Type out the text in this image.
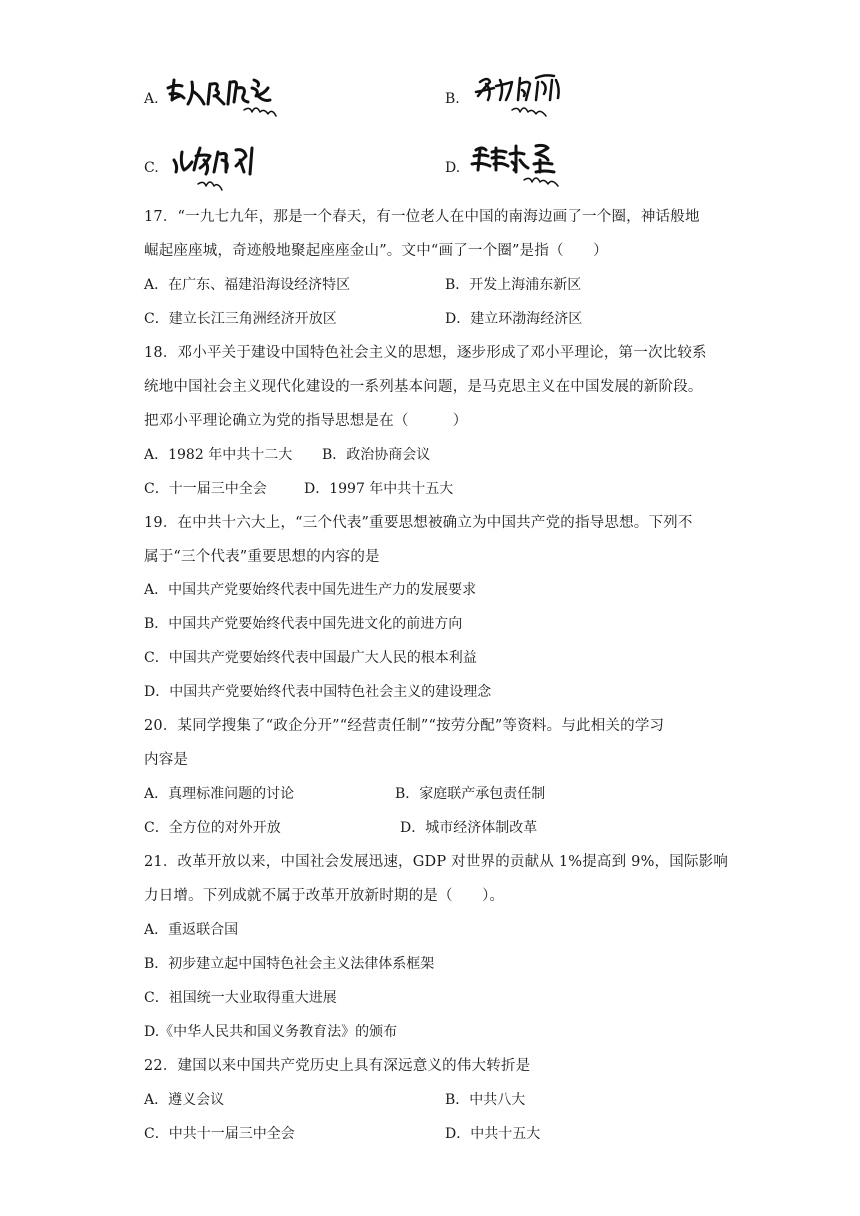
A.	B.
C.	D.
17．“一九七九年，那是一个春天，有一位老人在中国的南海边画了一个圈，神话般地
崛起座座城，奇迹般地聚起座座金山”。文中“画了一个圈”是指（　　）
A．在广东、福建沿海设经济特区	B．开发上海浦东新区
C．建立长江三角洲经济开放区	D．建立环渤海经济区
18．邓小平关于建设中国特色社会主义的思想，逐步形成了邓小平理论，第一次比较系
统地中国社会主义现代化建设的一系列基本问题，是马克思主义在中国发展的新阶段。
把邓小平理论确立为党的指导思想是在（　　　）
A．1982 年中共十二大 B．政治协商会议
C．十一届三中全会	D．1997 年中共十五大
19．在中共十六大上，“三个代表”重要思想被确立为中国共产党的指导思想。下列不
属于“三个代表”重要思想的内容的是
A．中国共产党要始终代表中国先进生产力的发展要求
B．中国共产党要始终代表中国先进文化的前进方向
C．中国共产党要始终代表中国最广大人民的根本利益
D．中国共产党要始终代表中国特色社会主义的建设理念
20．某同学搜集了“政企分开”“经营责任制”“按劳分配”等资料。与此相关的学习
内容是
A．真理标准问题的讨论	B．家庭联产承包责任制
C．全方位的对外开放	D．城市经济体制改革
21．改革开放以来，中国社会发展迅速，GDP 对世界的贡献从 1%提高到 9%，国际影响
力日增。下列成就不属于改革开放新时期的是（　　）。
A．重返联合国
B．初步建立起中国特色社会主义法律体系框架
C．祖国统一大业取得重大进展
D.《中华人民共和国义务教育法》的颁布
22．建国以来中国共产党历史上具有深远意义的伟大转折是
A．遵义会议	B．中共八大
C．中共十一届三中全会	D．中共十五大
